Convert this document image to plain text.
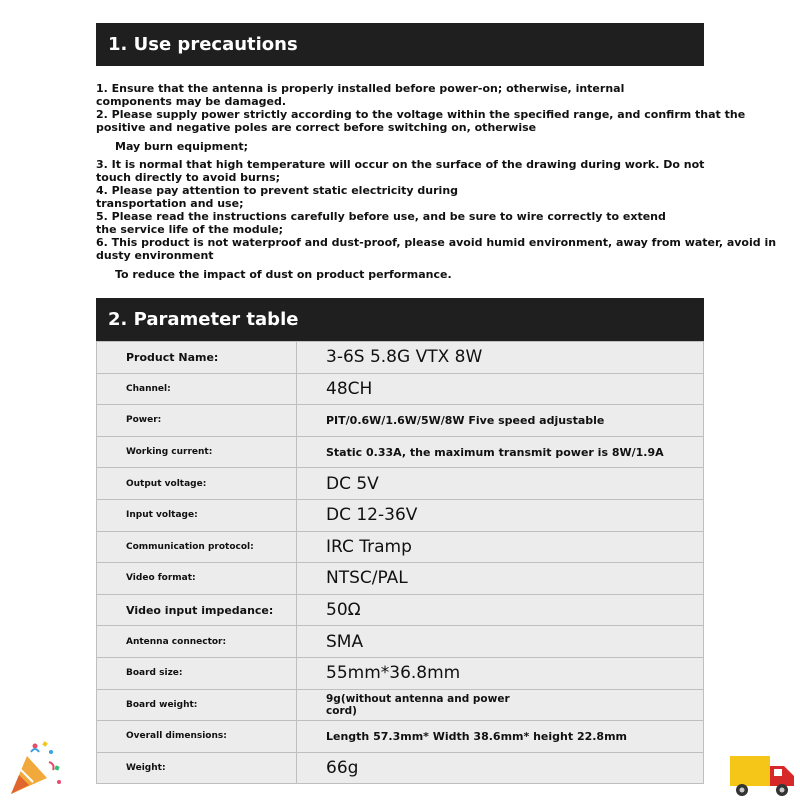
1. Use precautions
1. Ensure that the antenna is properly installed before power-on; otherwise, internal
components may be damaged.
2. Please supply power strictly according to the voltage within the specified range, and confirm that the
positive and negative poles are correct before switching on, otherwise
May burn equipment;
3. It is normal that high temperature will occur on the surface of the drawing during work. Do not
touch directly to avoid burns;
4. Please pay attention to prevent static electricity during
transportation and use;
5. Please read the instructions carefully before use, and be sure to wire correctly to extend
the service life of the module;
6. This product is not waterproof and dust-proof, please avoid humid environment, away from water, avoid in
dusty environment
To reduce the impact of dust on product performance.
2. Parameter table
Product Name:	3-6S 5.8G VTX 8W
Channel:	48CH
Power:	PIT/0.6W/1.6W/5W/8W Five speed adjustable
Working current:	Static 0.33A, the maximum transmit power is 8W/1.9A
Output voltage:	DC 5V
Input voltage:	DC 12-36V
Communication protocol:	IRC Tramp
Video format:	NTSC/PAL
Video input impedance:	50Ω
Antenna connector:	SMA
Board size:	55mm*36.8mm
Board weight:	9g(without antenna and power cord)

Overall dimensions:	Length 57.3mm* Width 38.6mm* height 22.8mm
Weight:	66g
